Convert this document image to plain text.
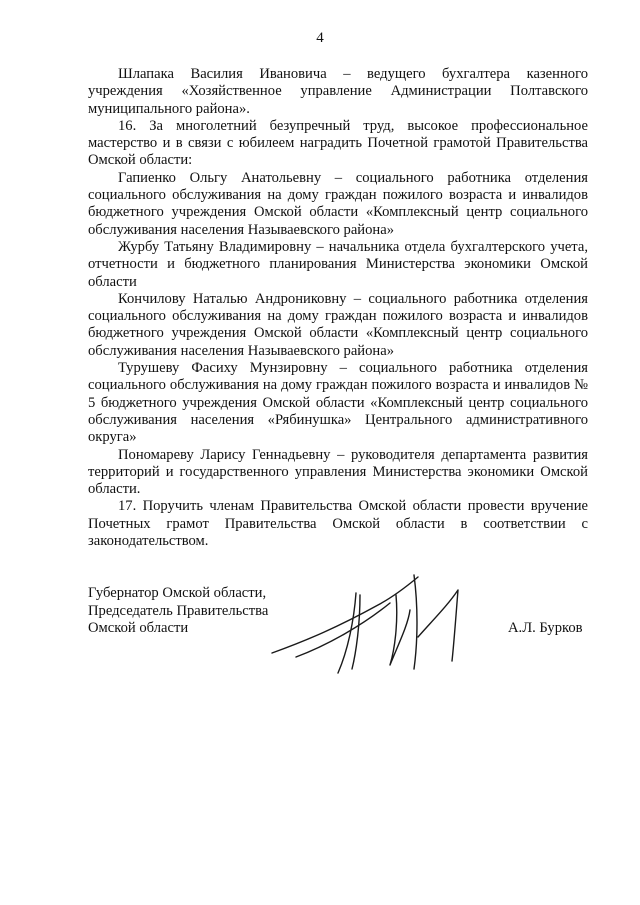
4

Шлапака Василия Ивановича – ведущего бухгалтера казенного учреждения «Хозяйственное управление Администрации Полтавского муниципального района».

16. За многолетний безупречный труд, высокое профессиональное мастерство и в связи с юбилеем наградить Почетной грамотой Правительства Омской области:

Гапиенко Ольгу Анатольевну – социального работника отделения социального обслуживания на дому граждан пожилого возраста и инвалидов бюджетного учреждения Омской области «Комплексный центр социального обслуживания населения Называевского района»

Журбу Татьяну Владимировну – начальника отдела бухгалтерского учета, отчетности и бюджетного планирования Министерства экономики Омской области

Кончилову Наталью Андрониковну – социального работника отделения социального обслуживания на дому граждан пожилого возраста и инвалидов бюджетного учреждения Омской области «Комплексный центр социального обслуживания населения Называевского района»

Турушеву Фасиху Мунзировну – социального работника отделения социального обслуживания на дому граждан пожилого возраста и инвалидов № 5 бюджетного учреждения Омской области «Комплексный центр социального обслуживания населения «Рябинушка» Центрального административного округа»

Пономареву Ларису Геннадьевну – руководителя департамента развития территорий и государственного управления Министерства экономики Омской области.

17. Поручить членам Правительства Омской области провести вручение Почетных грамот Правительства Омской области в соответствии с законодательством.

Губернатор Омской области,
Председатель Правительства
Омской области	А.Л. Бурков
